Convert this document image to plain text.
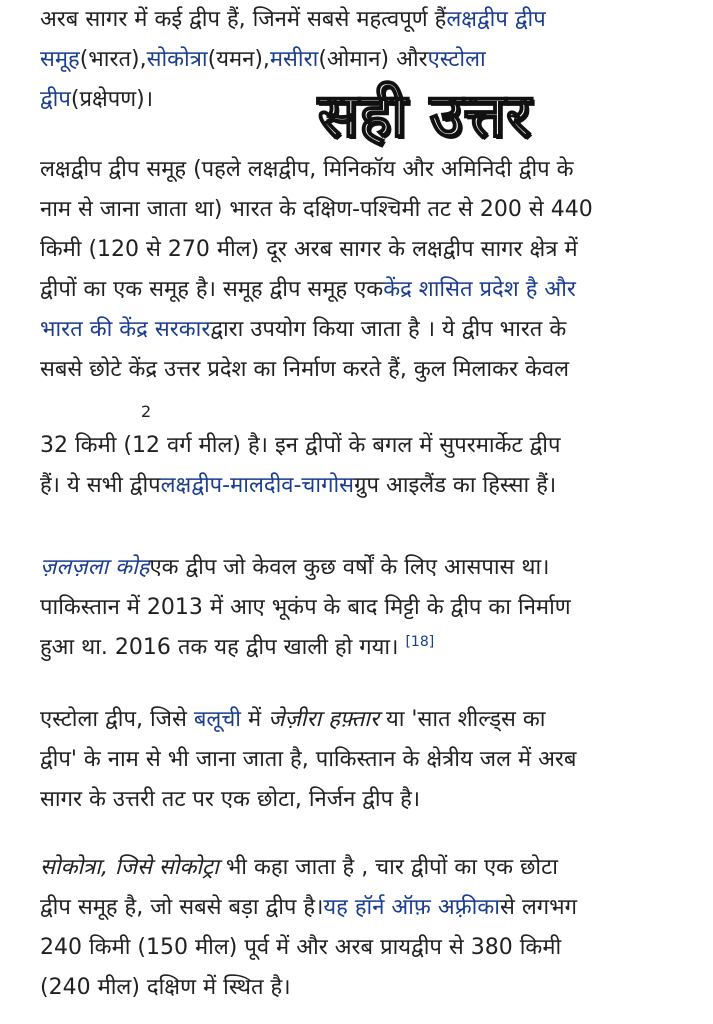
अरब सागर में कई द्वीप हैं, जिनमें सबसे महत्वपूर्ण हैंलक्षद्वीप द्वीप
समूह(भारत),सोकोत्रा(यमन),मसीरा(ओमान) औरएस्टोला
द्वीप(प्रक्षेपण)।	सही उत्तर
लक्षद्वीप द्वीप समूह (पहले लक्षद्वीप, मिनिकॉय और अमिनिदी द्वीप के
नाम से जाना जाता था) भारत के दक्षिण-पश्चिमी तट से 200 से 440
किमी (120 से 270 मील) दूर अरब सागर के लक्षद्वीप सागर क्षेत्र में
द्वीपों का एक समूह है। समूह द्वीप समूह एककेंद्र शासित प्रदेश है और
भारत की केंद्र सरकारद्वारा उपयोग किया जाता है । ये द्वीप भारत के
सबसे छोटे केंद्र उत्तर प्रदेश का निर्माण करते हैं, कुल मिलाकर केवल
32 किमी (12 वर्ग मील) है। इन द्वीपों के बगल में सुपरमार्केट द्वीप
हैं। ये सभी द्वीपलक्षद्वीप-मालदीव-चागोसग्रुप आइलैंड का हिस्सा हैं।
2
ज़लज़ला कोहएक द्वीप जो केवल कुछ वर्षों के लिए आसपास था।
पाकिस्तान में 2013 में आए भूकंप के बाद मिट्टी के द्वीप का निर्माण
हुआ था. 2016 तक यह द्वीप खाली हो गया। [18]
एस्टोला द्वीप, जिसे बलूची में जेज़ीरा हफ़्तार या 'सात शील्ड्स का
द्वीप' के नाम से भी जाना जाता है, पाकिस्तान के क्षेत्रीय जल में अरब
सागर के उत्तरी तट पर एक छोटा, निर्जन द्वीप है।
सोकोत्रा, जिसे सोकोट्रा भी कहा जाता है , चार द्वीपों का एक छोटा
द्वीप समूह है, जो सबसे बड़ा द्वीप है।यह हॉर्न ऑफ़ अफ़्रीकासे लगभग
240 किमी (150 मील) पूर्व में और अरब प्रायद्वीप से 380 किमी
(240 मील) दक्षिण में स्थित है।
